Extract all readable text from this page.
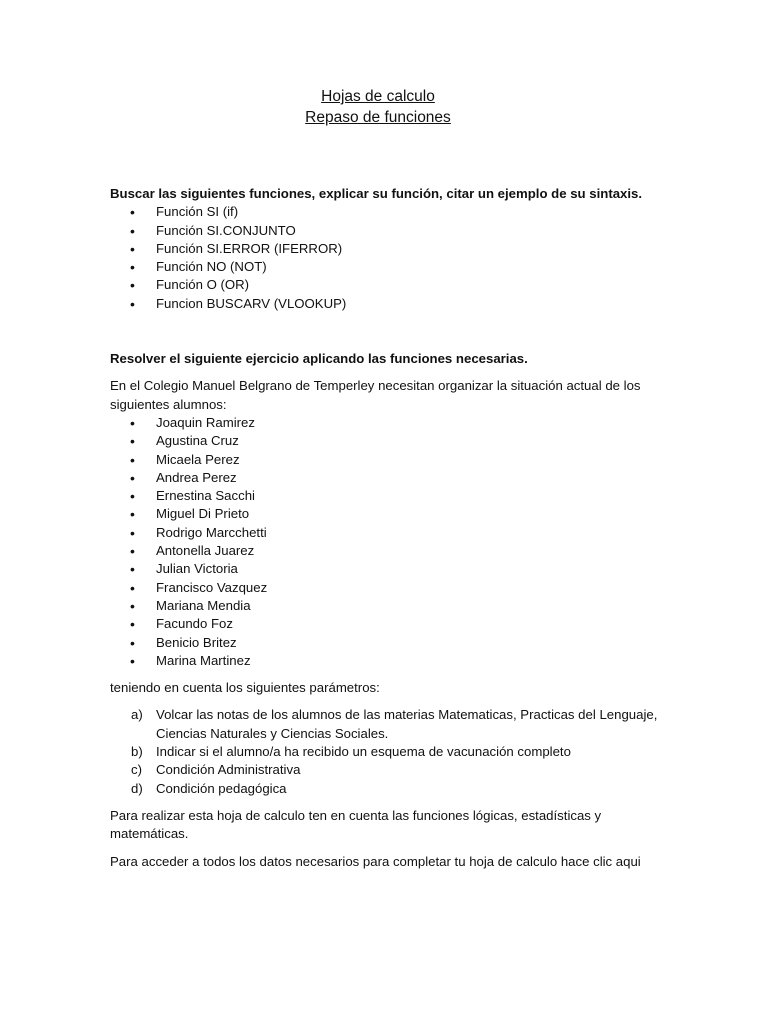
Hojas de calculo
Repaso de funciones
Buscar las siguientes funciones, explicar su función, citar un ejemplo de su sintaxis.
• Función SI (if)
• Función SI.CONJUNTO
• Función SI.ERROR (IFERROR)
• Función NO (NOT)
• Función O (OR)
• Funcion BUSCARV (VLOOKUP)
Resolver el siguiente ejercicio aplicando las funciones necesarias.
En el Colegio Manuel Belgrano de Temperley necesitan organizar la situación actual de los siguientes alumnos:
• Joaquin Ramirez
• Agustina Cruz
• Micaela Perez
• Andrea Perez
• Ernestina Sacchi
• Miguel Di Prieto
• Rodrigo Marcchetti
• Antonella Juarez
• Julian Victoria
• Francisco Vazquez
• Mariana Mendia
• Facundo Foz
• Benicio Britez
• Marina Martinez
teniendo en cuenta los siguientes parámetros:
a) Volcar las notas de los alumnos de las materias Matematicas, Practicas del Lenguaje, Ciencias Naturales y Ciencias Sociales.
b) Indicar si el alumno/a ha recibido un esquema de vacunación completo
c) Condición Administrativa
d) Condición pedagógica
Para realizar esta hoja de calculo ten en cuenta las funciones lógicas, estadísticas y matemáticas.
Para acceder a todos los datos necesarios para completar tu hoja de calculo hace clic aqui
